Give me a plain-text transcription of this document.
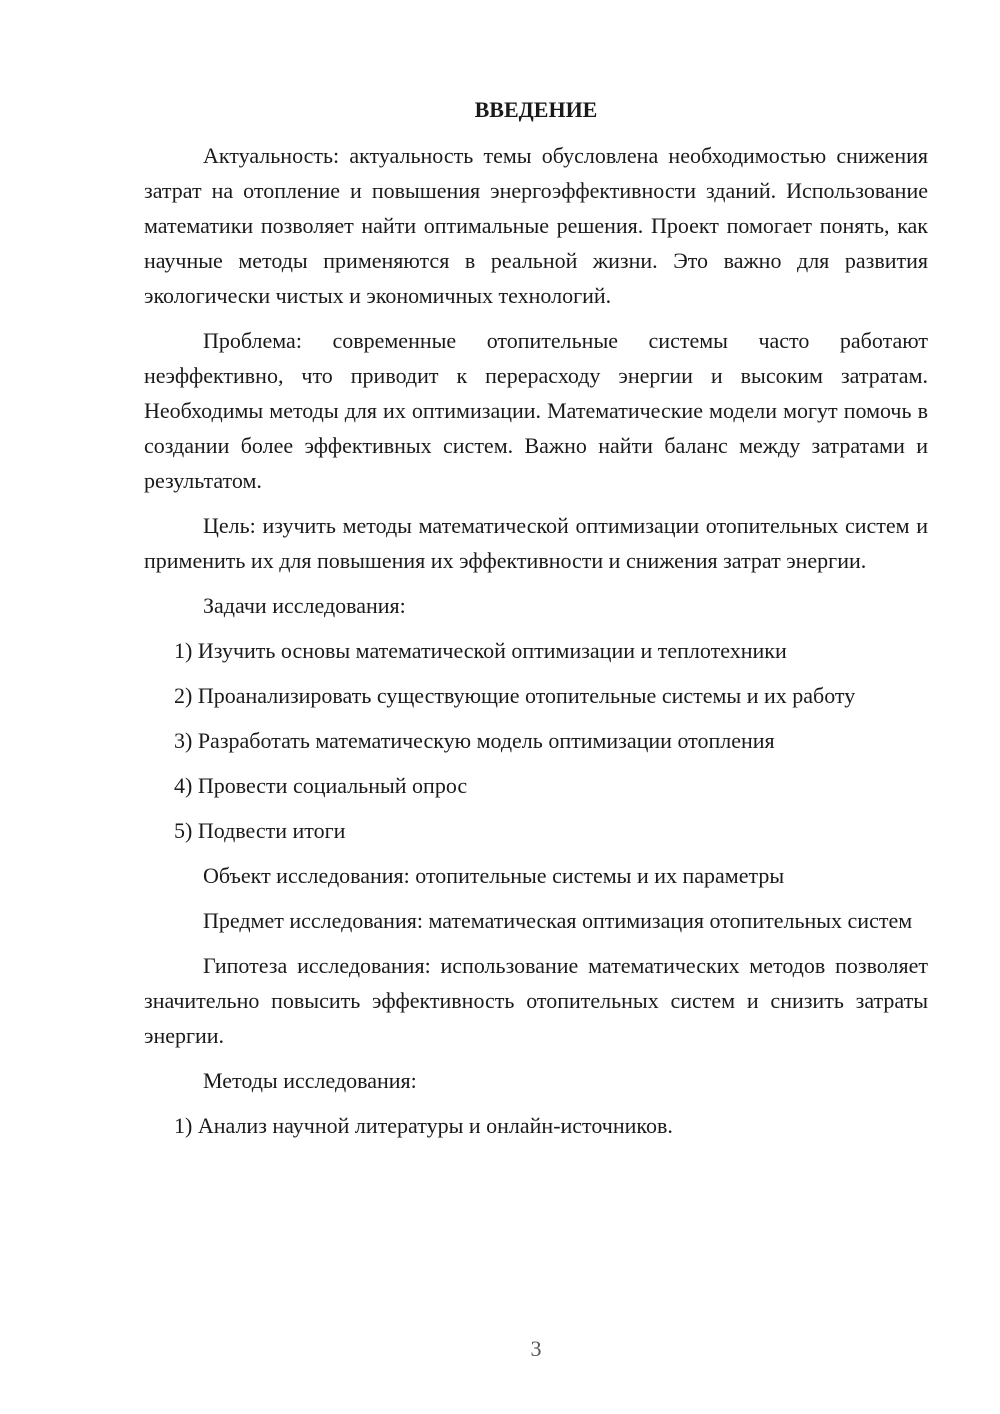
ВВЕДЕНИЕ

Актуальность: актуальность темы обусловлена необходимостью снижения затрат на отопление и повышения энергоэффективности зданий. Использование математики позволяет найти оптимальные решения. Проект помогает понять, как научные методы применяются в реальной жизни. Это важно для развития экологически чистых и экономичных технологий.

Проблема: современные отопительные системы часто работают неэффективно, что приводит к перерасходу энергии и высоким затратам. Необходимы методы для их оптимизации. Математические модели могут помочь в создании более эффективных систем. Важно найти баланс между затратами и результатом.

Цель: изучить методы математической оптимизации отопительных систем и применить их для повышения их эффективности и снижения затрат энергии.

Задачи исследования:

1) Изучить основы математической оптимизации и теплотехники

2) Проанализировать существующие отопительные системы и их работу

3) Разработать математическую модель оптимизации отопления

4) Провести социальный опрос

5) Подвести итоги

Объект исследования: отопительные системы и их параметры

Предмет исследования: математическая оптимизация отопительных систем

Гипотеза исследования: использование математических методов позволяет значительно повысить эффективность отопительных систем и снизить затраты энергии.

Методы исследования:

1) Анализ научной литературы и онлайн-источников.

3
